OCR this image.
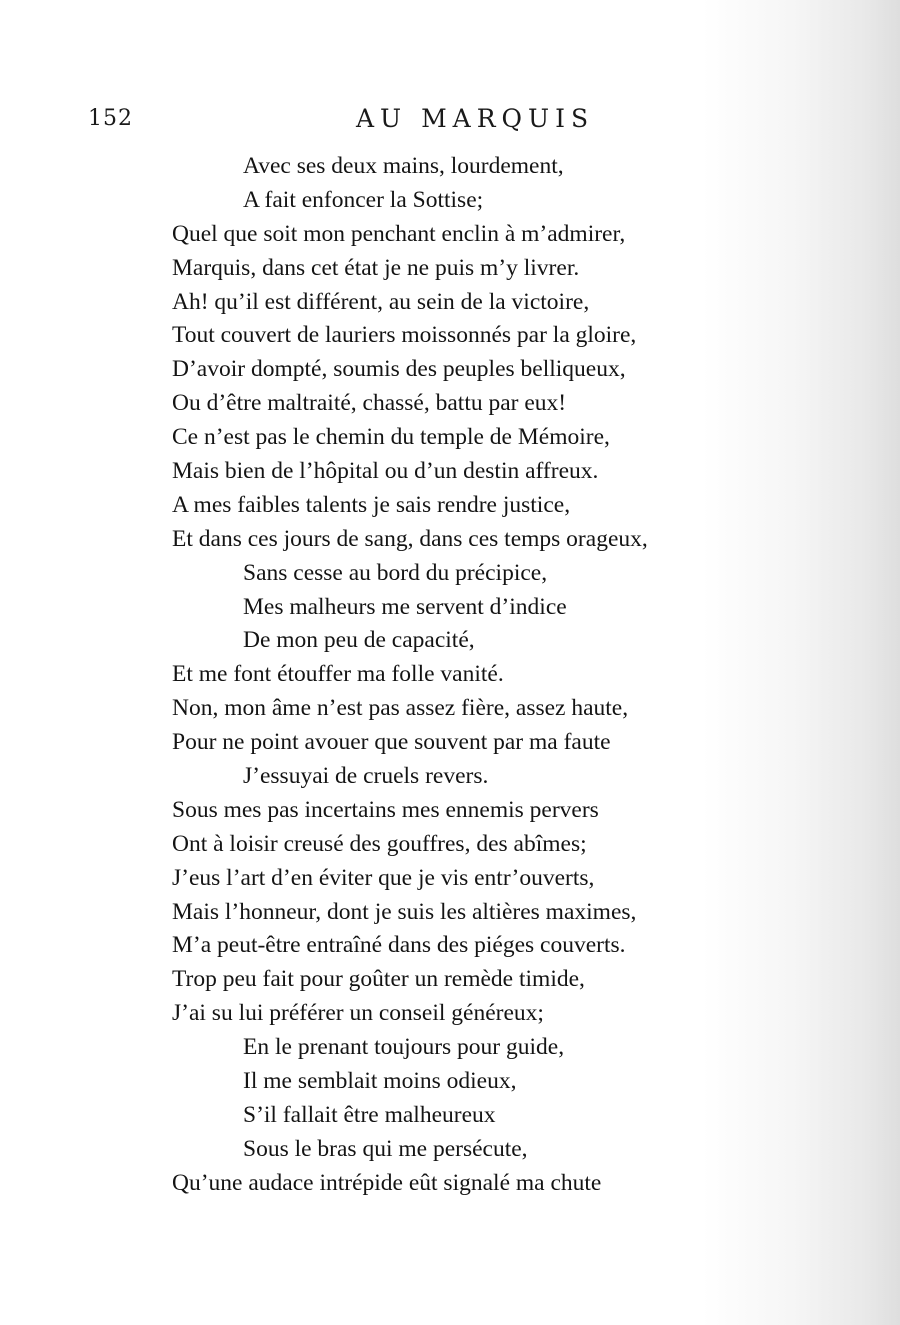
152	AU MARQUIS
Avec ses deux mains, lourdement,
A fait enfoncer la Sottise;
Quel que soit mon penchant enclin à m’admirer,
Marquis, dans cet état je ne puis m’y livrer.
Ah! qu’il est différent, au sein de la victoire,
Tout couvert de lauriers moissonnés par la gloire,
D’avoir dompté, soumis des peuples belliqueux,
Ou d’être maltraité, chassé, battu par eux!
Ce n’est pas le chemin du temple de Mémoire,
Mais bien de l’hôpital ou d’un destin affreux.
A mes faibles talents je sais rendre justice,
Et dans ces jours de sang, dans ces temps orageux,
Sans cesse au bord du précipice,
Mes malheurs me servent d’indice
De mon peu de capacité,
Et me font étouffer ma folle vanité.
Non, mon âme n’est pas assez fière, assez haute,
Pour ne point avouer que souvent par ma faute
J’essuyai de cruels revers.
Sous mes pas incertains mes ennemis pervers
Ont à loisir creusé des gouffres, des abîmes;
J’eus l’art d’en éviter que je vis entr’ouverts,
Mais l’honneur, dont je suis les altières maximes,
M’a peut-être entraîné dans des piéges couverts.
Trop peu fait pour goûter un remède timide,
J’ai su lui préférer un conseil généreux;
En le prenant toujours pour guide,
Il me semblait moins odieux,
S’il fallait être malheureux
Sous le bras qui me persécute,
Qu’une audace intrépide eût signalé ma chute
